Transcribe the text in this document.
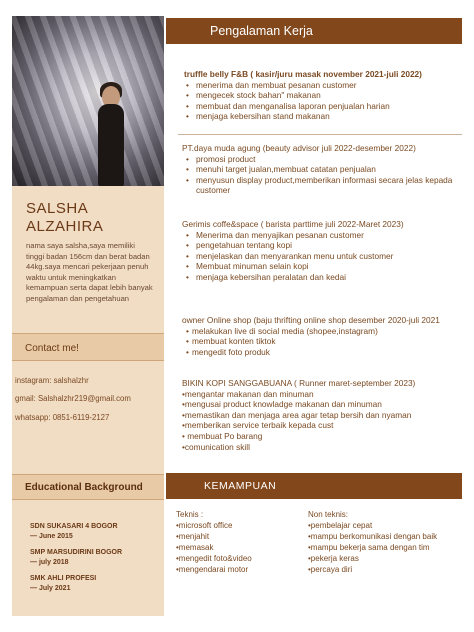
SALSHA
ALZAHIRA
nama saya salsha,saya memiliki tinggi badan 156cm dan berat badan 44kg.saya mencari pekerjaan penuh waktu untuk meningkatkan kemampuan serta dapat lebih banyak pengalaman dan pengetahuan
Contact me!
instagram: salshalzhr
gmail: Salshalzhr219@gmail.com
whatsapp: 0851-6119-2127
Educational Background
SDN SUKASARI 4 BOGOR
— June 2015
SMP MARSUDIRINI BOGOR
— july 2018
SMK AHLI PROFESI
— July 2021
Pengalaman Kerja
truffle belly F&B ( kasir/juru masak november 2021-juli 2022)
• menerima dan membuat pesanan customer
• mengecek stock bahan" makanan
• membuat dan menganalisa laporan penjualan harian
• menjaga kebersihan stand makanan
PT.daya muda agung (beauty advisor juli 2022-desember 2022)
• promosi product
• menuhi target jualan,membuat catatan penjualan
• menyusun display product,memberikan informasi secara jelas kepada customer
Gerimis coffe&space ( barista parttime juli 2022-Maret 2023)
• Menerima dan menyajikan pesanan customer
• pengetahuan tentang kopi
• menjelaskan dan menyarankan menu untuk customer
• Membuat minuman selain kopi
• menjaga kebersihan peralatan dan kedai
owner Online shop (baju thrifting online shop desember 2020-juli 2021
• melakukan live di social media (shopee,instagram)
• membuat konten tiktok
• mengedit foto produk
BIKIN KOPI SANGGABUANA ( Runner maret-september 2023)
• mengantar makanan dan minuman
• mengusai product knowladge makanan dan minuman
• memastikan dan menjaga area agar tetap bersih dan nyaman
• memberikan service terbaik kepada cust
• membuat Po barang
• comunication skill
KEMAMPUAN
Teknis :
•microsoft office
•menjahit
•memasak
•mengedit foto&video
•mengendarai motor
Non teknis:
•pembelajar cepat
•mampu berkomunikasi dengan baik
•mampu bekerja sama dengan tim
•pekerja keras
•percaya diri
